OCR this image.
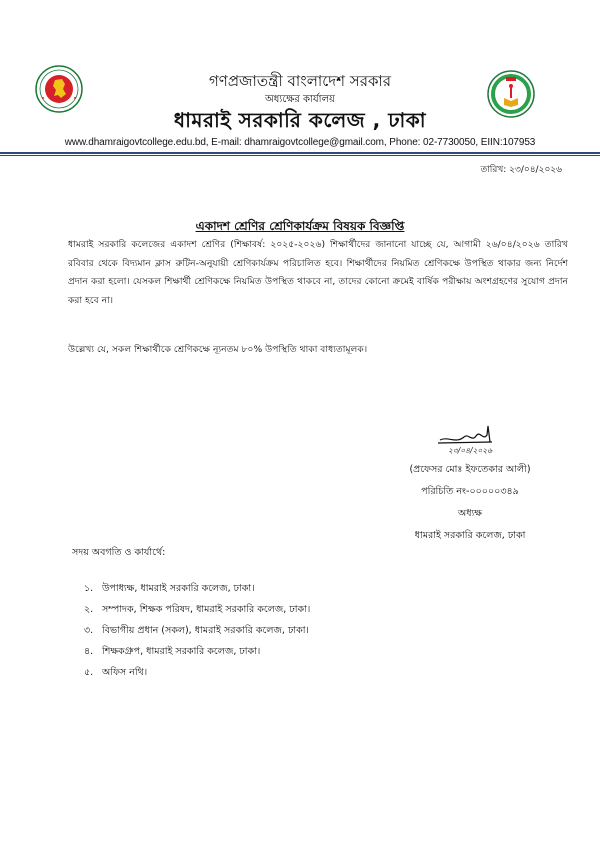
গণপ্রজাতন্ত্রী বাংলাদেশ সরকার
অধ্যক্ষের কার্যালয়
ধামরাই সরকারি কলেজ , ঢাকা
www.dhamraigovtcollege.edu.bd, E-mail: dhamraigovtcollege@gmail.com, Phone: 02-7730050, EIIN:107953
তারিখ: ২৩/০৪/২০২৬
একাদশ শ্রেণির শ্রেণিকার্যক্রম বিষয়ক বিজ্ঞপ্তি
ধামরাই সরকারি কলেজের একাদশ শ্রেণির (শিক্ষাবর্ষ: ২০২৫-২০২৬) শিক্ষার্থীদের জানানো যাচ্ছে যে, আগামী ২৬/০৪/২০২৬ তারিখ রবিবার থেকে বিদ্যমান ক্লাস রুটিন-অনুযায়ী শ্রেণিকার্যক্রম পরিচালিত হবে। শিক্ষার্থীদের নিয়মিত শ্রেণিকক্ষে উপস্থিত থাকার জন্য নির্দেশ প্রদান করা হলো। যেসকল শিক্ষার্থী শ্রেণিকক্ষে নিয়মিত উপস্থিত থাকবে না, তাদের কোনো ক্রমেই বার্ষিক পরীক্ষায় অংশগ্রহণের সুযোগ প্রদান করা হবে না।
উল্লেখ্য যে, সকল শিক্ষার্থীকে শ্রেণিকক্ষে ন্যূনতম ৮০% উপস্থিতি থাকা বাধ্যতামূলক।
২৩/০৪/২০২৬
(প্রফেসর মোঃ ইফতেকার আলী)
পরিচিতি নং-০০০০০৩৪৯
অধ্যক্ষ
ধামরাই সরকারি কলেজ, ঢাকা
সদয় অবগতি ও কার্যার্থে:
১. উপাধ্যক্ষ, ধামরাই সরকারি কলেজ, ঢাকা।
২. সম্পাদক, শিক্ষক পরিষদ, ধামরাই সরকারি কলেজ, ঢাকা।
৩. বিভাগীয় প্রধান (সকল), ধামরাই সরকারি কলেজ, ঢাকা।
৪. শিক্ষকগ্রুপ, ধামরাই সরকারি কলেজ, ঢাকা।
৫. অফিস নথি।
